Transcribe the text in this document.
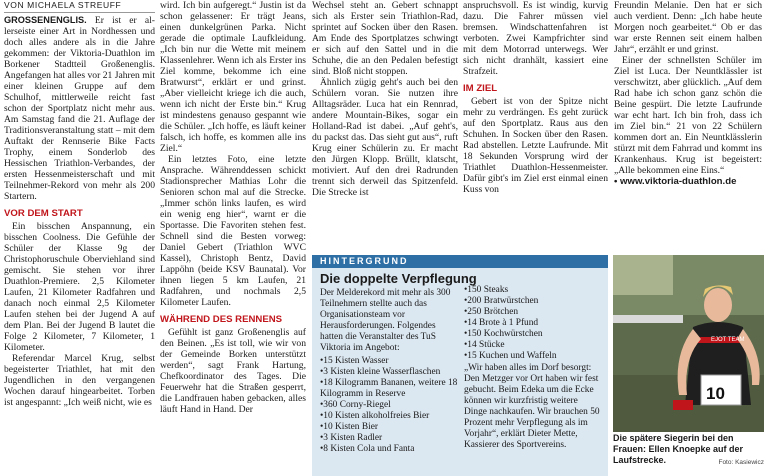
VON MICHAELA STREUFF

GROSSENENGLIS. Er ist er al-lerseiste einer Art in Nordhessen und doch alles andere als in die Jahre gekommen: der Viktoria-Duathlon im Borkener Stadtteil Großenenglis. Angefangen hat alles vor 21 Jahren mit einer kleinen Gruppe auf dem Schulhof, mittlerweile reicht fast schon der Sportplatz nicht mehr aus. Am Samstag fand die 21. Auflage der Traditionsveranstaltung statt – mit dem Auftakt der Rennserie Bike Facts Trophy, einem Sonderlob des Hessischen Triathlon-Verbandes, der ersten Hessenmeisterschaft und mit Teilnehmer-Rekord von mehr als 200 Startern.

VOR DEM START

Ein bisschen Anspannung, ein bisschen Coolness. Die Gefühle der Schüler der Klasse 9g der Christophoruschule Oberviehland sind gemischt. Sie stehen vor ihrer Duathlon-Premiere. 2,5 Kilometer Laufen, 21 Kilometer Radfahren und danach noch einmal 2,5 Kilometer Laufen stehen bei der Jugend A auf dem Plan. Bei der Jugend B lautet die Folge 2 Kilometer, 7 Kilometer, 1 Kilometer.

Referendar Marcel Krug, selbst begeisterter Triathlet, hat mit den Jugendlichen in den vergangenen Wochen darauf hingearbeitet. Torben ist angespannt: „Ich weiß nicht, wie es

wird. Ich bin aufgeregt.“ Justin ist da schon gelassener: Er trägt Jeans, einen dunkelgrünen Parka. Nicht gerade die optimale Laufkleidung. „Ich bin nur die Wette mit meinem Klassenlehrer. Wenn ich als Erster ins Ziel komme, bekomme ich eine Bratwurst“, erklärt er und grinst. „Aber vielleicht kriege ich die auch, wenn ich nicht der Erste bin.“ Krug ist mindestens genauso gespannt wie die Schüler. „Ich hoffe, es läuft keiner falsch, ich hoffe, es kommen alle ins Ziel.“

Ein letztes Foto, eine letzte Ansprache. Währenddessen schickt Stadionsprecher Mathias Lohr die Senioren schon mal auf die Strecke. „Immer schön links laufen, es wird ein wenig eng hier“, warnt er die Sportasse. Die Favoriten stehen fest. Schnell sind die Besten vorweg: Daniel Gebert (Triathlon WVC Kassel), Christoph Bentz, David Lappöhn (beide KSV Baunatal). Vor ihnen liegen 5 km Laufen, 21 Radfahren, und nochmals 2,5 Kilometer Laufen.

WÄHREND DES RENNENS

Gefühlt ist ganz Großenenglis auf den Beinen. „Es ist toll, wie wir von der Gemeinde Borken unterstützt werden“, sagt Frank Hartung, Chefkoordinator des Tages. Die Feuerwehr hat die Straßen gesperrt, die Landfrauen haben gebacken, alles läuft Hand in Hand. Der

Wechsel steht an. Gebert schnappt sich als Erster sein Triathlon-Rad, sprintet auf Socken über den Rasen. Am Ende des Sportplatzes schwingt er sich auf den Sattel und in die Schuhe, die an den Pedalen befestigt sind. Bloß nicht stoppen.

Ähnlich zügig geht's auch bei den Schülern voran. Sie nutzen ihre Alltagsräder. Luca hat ein Rennrad, andere Mountain-Bikes, sogar ein Holland-Rad ist dabei. „Auf geht's, du packst das. Das sieht gut aus“, ruft Krug einer Schülerin zu. Er macht den Jürgen Klopp. Brüllt, klatscht, motiviert. Auf den drei Radrunden trennt sich derweil das Spitzenfeld. Die Strecke ist

anspruchsvoll. Es ist windig, kurvig dazu. Die Fahrer müssen viel bremsen. Windschattenfahren ist verboten. Zwei Kampfrichter sind mit dem Motorrad unterwegs. Wer sich nicht dranhält, kassiert eine Strafzeit.

IM ZIEL

Gebert ist von der Spitze nicht mehr zu verdrängen. Es geht zurück auf den Sportplatz. Raus aus den Schuhen. In Socken über den Rasen. Rad abstellen. Letzte Laufrunde. Mit 18 Sekunden Vorsprung wird der Triathlet Duathlon-Hessenmeister. Dafür gibt's im Ziel erst einmal einen Kuss von

Freundin Melanie. Den hat er sich auch verdient. Denn: „Ich habe heute Morgen noch gearbeitet.“ Ob er das war erste Rennen seit einem halben Jahr“, erzählt er und grinst.

Einer der schnellsten Schüler im Ziel ist Luca. Der Neuntklässler ist verschwitzt, aber glücklich. „Auf dem Rad habe ich schon ganz schön die Beine gespürt. Die letzte Laufrunde war echt hart. Ich bin froh, dass ich im Ziel bin.“ 21 von 22 Schülern kommen dort an. Ein Neuntklässlerin stürzt mit dem Fahrrad und kommt ins Krankenhaus. Krug ist begeistert: „Alle bekommen eine Eins.“

• www.viktoria-duathlon.de
HINTERGRUND
Die doppelte Verpflegung
Der Melderekord mit mehr als 300 Teilnehmern stellte auch das Organisationsteam vor Herausforderungen. Folgendes hatten die Veranstalter des TuS Viktoria im Angebot:
• 15 Kisten Wasser
• 3 Kisten kleine Wasserflaschen
• 18 Kilogramm Bananen, weitere 18 Kilogramm in Reserve
• 360 Corny-Riegel
• 10 Kisten alkoholfreies Bier
• 10 Kisten Bier
• 3 Kisten Radler
• 8 Kisten Cola und Fanta
• 150 Steaks
• 200 Bratwürstchen
• 250 Brötchen
• 14 Brote à 1 Pfund
• 150 Kochwürstchen
• 14 Stücke
• 15 Kuchen und Waffeln
„Wir haben alles im Dorf besorgt: Den Metzger vor Ort haben wir fest gebucht. Beim Edeka um die Ecke können wir kurzfristig weitere Dinge nachkaufen. Wir brauchen 50 Prozent mehr Verpflegung als im Vorjahr“, erklärt Dieter Mette, Kassierer des Sportvereins.
EJOT TEAM
10
Die spätere Siegerin bei den Frauen: Ellen Knoepke auf der Laufstrecke.	Foto: Kasiewicz
